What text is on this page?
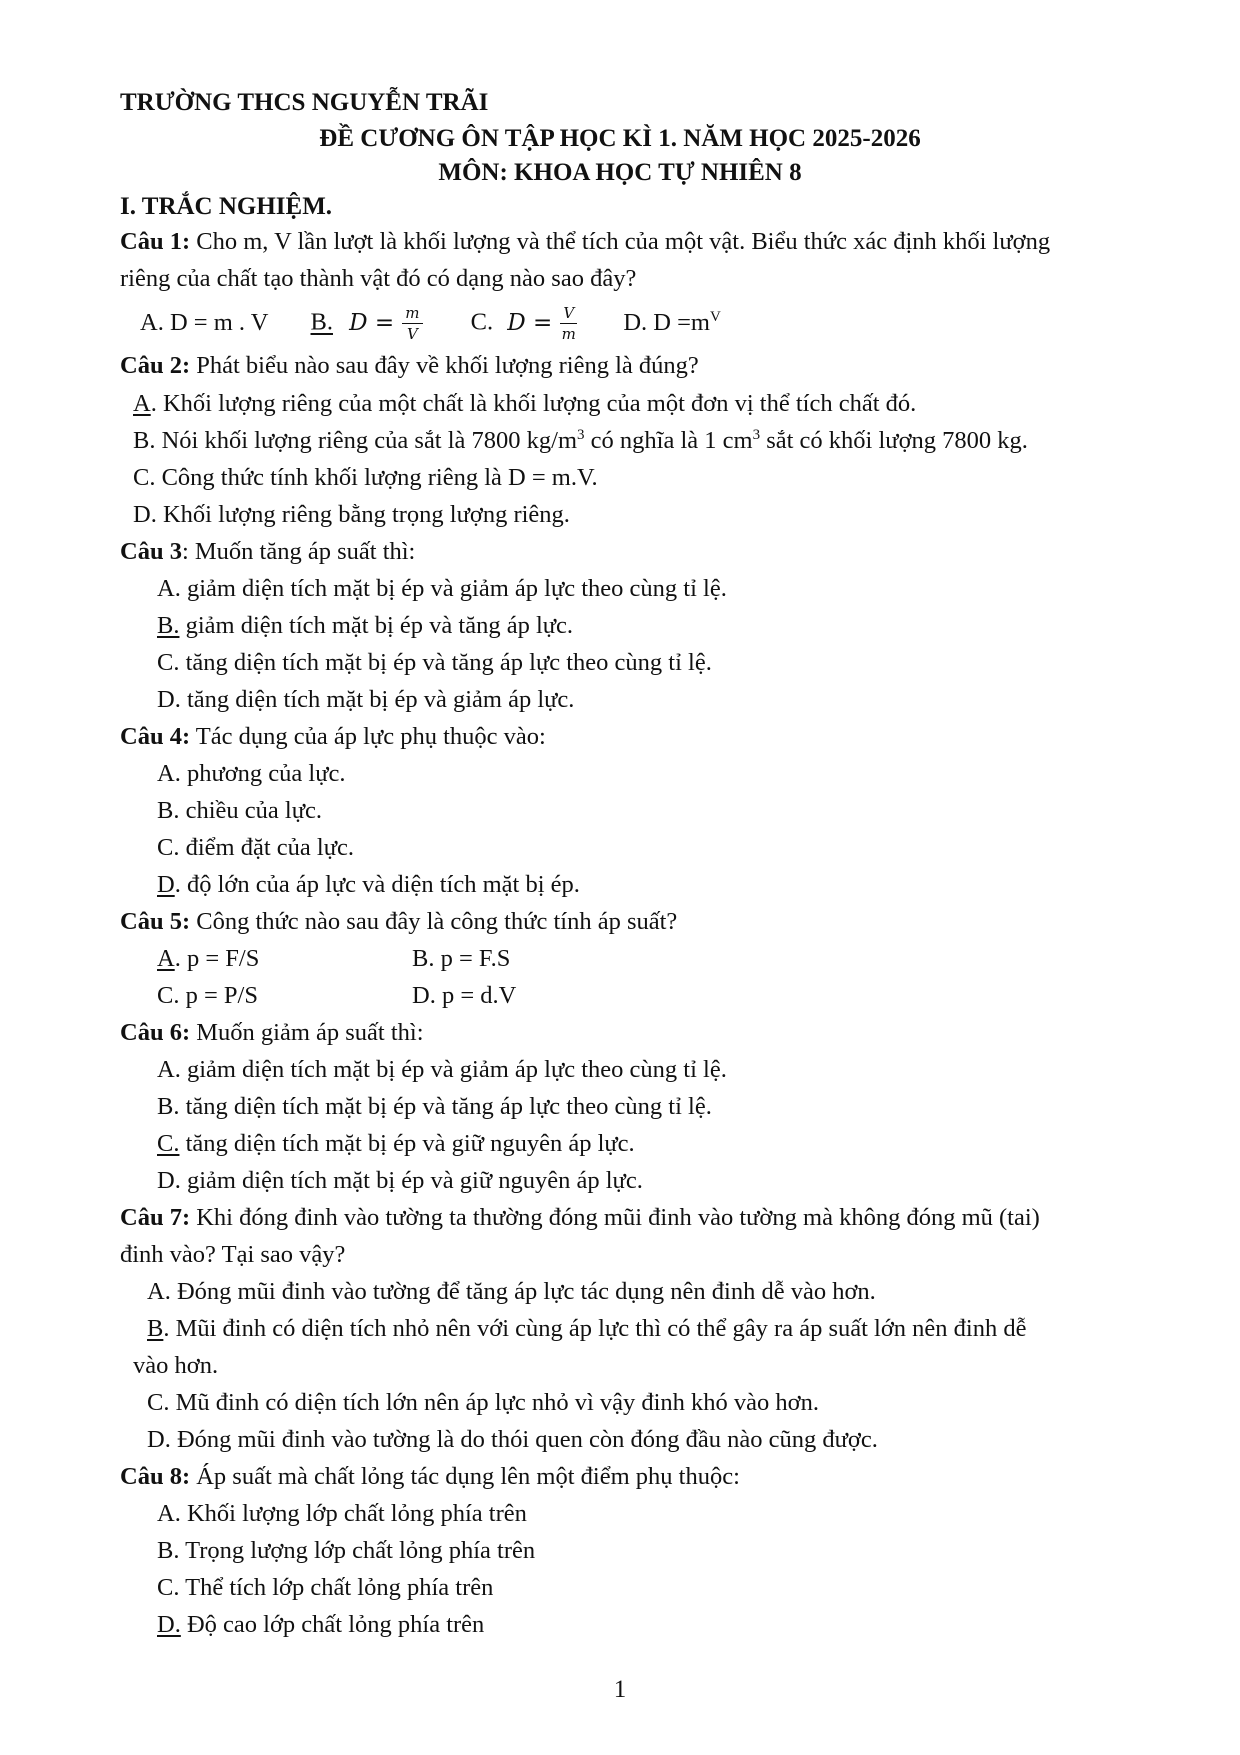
TRƯỜNG THCS NGUYỄN TRÃI
ĐỀ CƯƠNG ÔN TẬP HỌC KÌ 1. NĂM HỌC 2025-2026
MÔN: KHOA HỌC TỰ NHIÊN 8
I. TRẮC NGHIỆM.
Câu 1: Cho m, V lần lượt là khối lượng và thể tích của một vật. Biểu thức xác định khối lượng
riêng của chất tạo thành vật đó có dạng nào sao đây?
A. D = m . V B. $D = \frac{m}{V} C$. $D = \frac{V}{m} D$. $D =m^V$
Câu 2: Phát biểu nào sau đây về khối lượng riêng là đúng?
A. Khối lượng riêng của một chất là khối lượng của một đơn vị thể tích chất đó.
B. Nói khối lượng riêng của sắt là 7800 $kg/m^3$ có nghĩa là 1 $cm^3$ sắt có khối lượng 7800 kg.
C. Công thức tính khối lượng riêng là D = m.V.
D. Khối lượng riêng bằng trọng lượng riêng.
Câu 3: Muốn tăng áp suất thì:
A. giảm diện tích mặt bị ép và giảm áp lực theo cùng tỉ lệ.
B. giảm diện tích mặt bị ép và tăng áp lực.
C. tăng diện tích mặt bị ép và tăng áp lực theo cùng tỉ lệ.
D. tăng diện tích mặt bị ép và giảm áp lực.
Câu 4: Tác dụng của áp lực phụ thuộc vào:
A. phương của lực.
B. chiều của lực.
C. điểm đặt của lực.
D. độ lớn của áp lực và diện tích mặt bị ép.
Câu 5: Công thức nào sau đây là công thức tính áp suất?
A. p = F/S	B. p = F.S
C. p = P/S	D. p = d.V
Câu 6: Muốn giảm áp suất thì:
A. giảm diện tích mặt bị ép và giảm áp lực theo cùng tỉ lệ.
B. tăng diện tích mặt bị ép và tăng áp lực theo cùng tỉ lệ.
C. tăng diện tích mặt bị ép và giữ nguyên áp lực.
D. giảm diện tích mặt bị ép và giữ nguyên áp lực.
Câu 7: Khi đóng đinh vào tường ta thường đóng mũi đinh vào tường mà không đóng mũ (tai)
đinh vào? Tại sao vậy?
A. Đóng mũi đinh vào tường để tăng áp lực tác dụng nên đinh dễ vào hơn.
B. Mũi đinh có diện tích nhỏ nên với cùng áp lực thì có thể gây ra áp suất lớn nên đinh dễ
vào hơn.
C. Mũ đinh có diện tích lớn nên áp lực nhỏ vì vậy đinh khó vào hơn.
D. Đóng mũi đinh vào tường là do thói quen còn đóng đầu nào cũng được.
Câu 8: Áp suất mà chất lỏng tác dụng lên một điểm phụ thuộc:
A. Khối lượng lớp chất lỏng phía trên
B. Trọng lượng lớp chất lỏng phía trên
C. Thể tích lớp chất lỏng phía trên
D. Độ cao lớp chất lỏng phía trên
1
